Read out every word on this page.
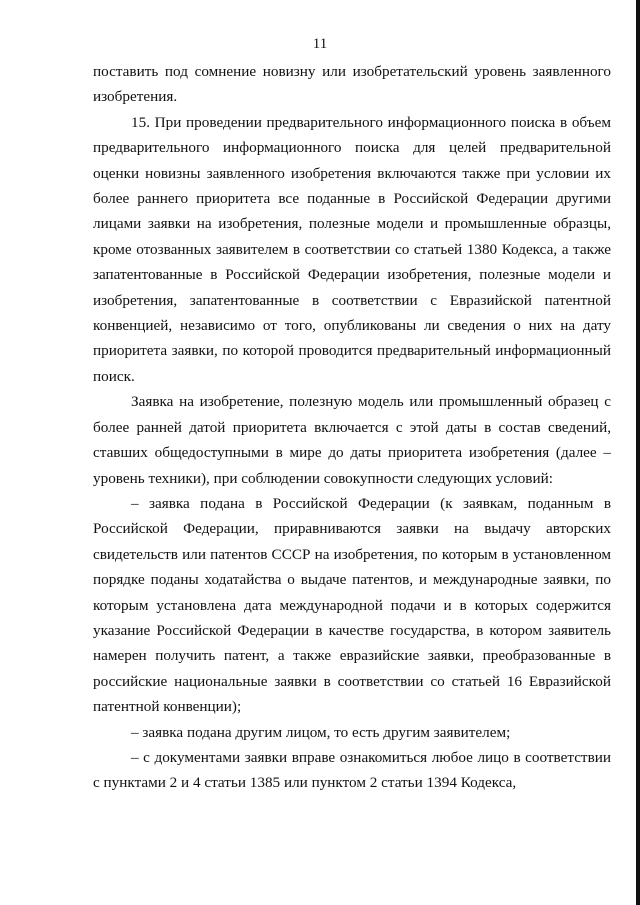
11

поставить под сомнение новизну или изобретательский уровень заявленного изобретения.

15. При проведении предварительного информационного поиска в объем предварительного информационного поиска для целей предварительной оценки новизны заявленного изобретения включаются также при условии их более раннего приоритета все поданные в Российской Федерации другими лицами заявки на изобретения, полезные модели и промышленные образцы, кроме отозванных заявителем в соответствии со статьей 1380 Кодекса, а также запатентованные в Российской Федерации изобретения, полезные модели и изобретения, запатентованные в соответствии с Евразийской патентной конвенцией, независимо от того, опубликованы ли сведения о них на дату приоритета заявки, по которой проводится предварительный информационный поиск.

Заявка на изобретение, полезную модель или промышленный образец с более ранней датой приоритета включается с этой даты в состав сведений, ставших общедоступными в мире до даты приоритета изобретения (далее – уровень техники), при соблюдении совокупности следующих условий:

– заявка подана в Российской Федерации (к заявкам, поданным в Российской Федерации, приравниваются заявки на выдачу авторских свидетельств или патентов СССР на изобретения, по которым в установленном порядке поданы ходатайства о выдаче патентов, и международные заявки, по которым установлена дата международной подачи и в которых содержится указание Российской Федерации в качестве государства, в котором заявитель намерен получить патент, а также евразийские заявки, преобразованные в российские национальные заявки в соответствии со статьей 16 Евразийской патентной конвенции);

– заявка подана другим лицом, то есть другим заявителем;

– с документами заявки вправе ознакомиться любое лицо в соответствии с пунктами 2 и 4 статьи 1385 или пунктом 2 статьи 1394 Кодекса,
